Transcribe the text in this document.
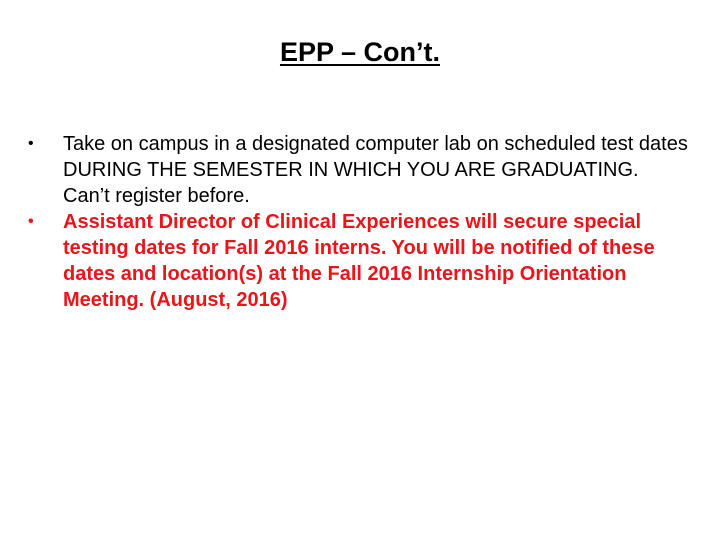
EPP – Con’t.
•	Take on campus in a designated computer lab on scheduled test dates DURING THE SEMESTER IN WHICH YOU ARE GRADUATING. Can’t register before.
•	Assistant Director of Clinical Experiences will secure special testing dates for Fall 2016 interns. You will be notified of these dates and location(s) at the Fall 2016 Internship Orientation Meeting. (August, 2016)
